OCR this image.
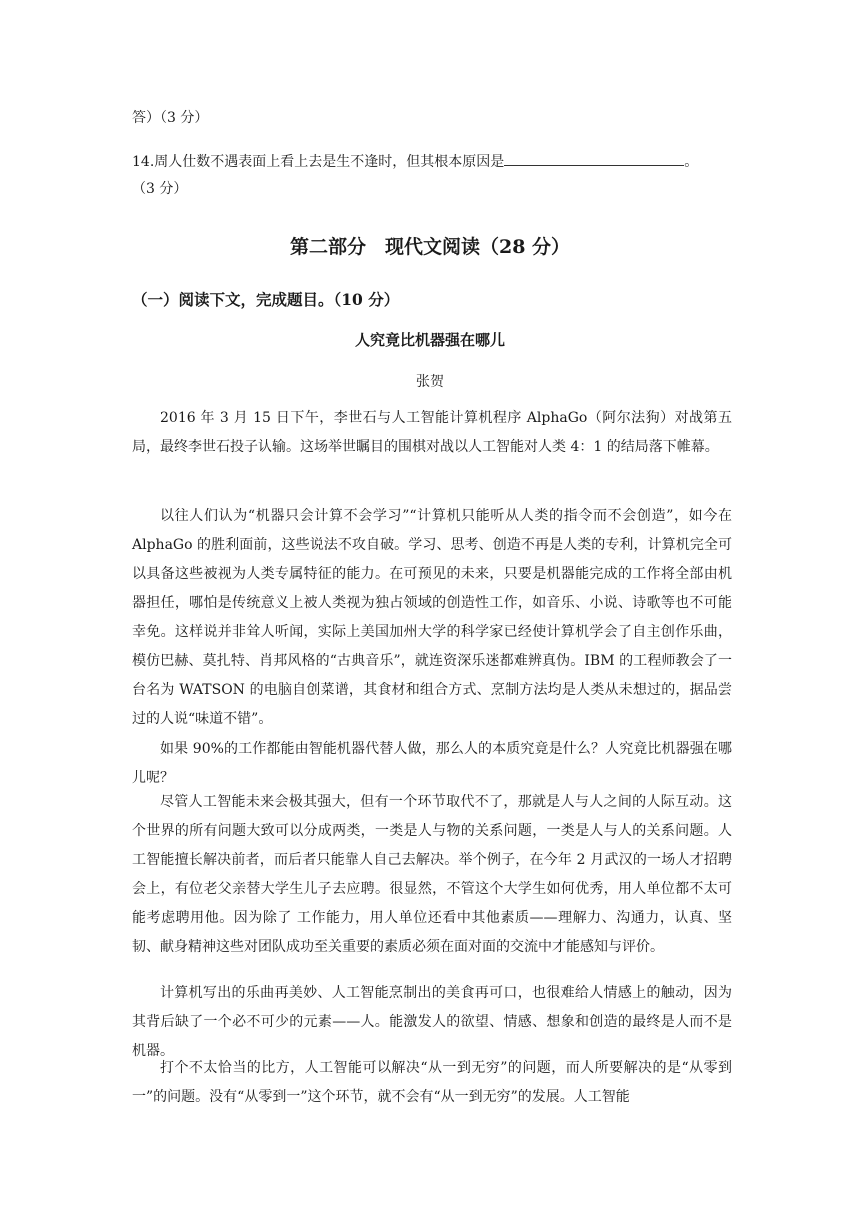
答）（3 分）
14.周人仕数不遇表面上看上去是生不逢时，但其根本原因是	。
（3 分）
第二部分　现代文阅读（28 分）
（一）阅读下文，完成题目。（10 分）
人究竟比机器强在哪儿
张贺

2016 年 3 月 15 日下午，李世石与人工智能计算机程序 AlphaGo（阿尔法狗）对战第五局，最终李世石投子认输。这场举世瞩目的围棋对战以人工智能对人类 4：1 的结局落下帷幕。

以往人们认为“机器只会计算不会学习”“计算机只能听从人类的指令而不会创造”，如今在 AlphaGo 的胜利面前，这些说法不攻自破。学习、思考、创造不再是人类的专利，计算机完全可以具备这些被视为人类专属特征的能力。在可预见的未来，只要是机器能完成的工作将全部由机器担任，哪怕是传统意义上被人类视为独占领域的创造性工作，如音乐、小说、诗歌等也不可能幸免。这样说并非耸人听闻，实际上美国加州大学的科学家已经使计算机学会了自主创作乐曲，模仿巴赫、莫扎特、肖邦风格的“古典音乐”，就连资深乐迷都难辨真伪。IBM 的工程师教会了一台名为 WATSON 的电脑自创菜谱，其食材和组合方式、烹制方法均是人类从未想过的，据品尝过的人说“味道不错”。

如果 90%的工作都能由智能机器代替人做，那么人的本质究竟是什么？人究竟比机器强在哪儿呢？

尽管人工智能未来会极其强大，但有一个环节取代不了，那就是人与人之间的人际互动。这个世界的所有问题大致可以分成两类，一类是人与物的关系问题，一类是人与人的关系问题。人工智能擅长解决前者，而后者只能靠人自己去解决。举个例子，在今年 2 月武汉的一场人才招聘会上，有位老父亲替大学生儿子去应聘。很显然，不管这个大学生如何优秀，用人单位都不太可能考虑聘用他。因为除了 工作能力，用人单位还看中其他素质——理解力、沟通力，认真、坚韧、献身精神这些对团队成功至关重要的素质必须在面对面的交流中才能感知与评价。

计算机写出的乐曲再美妙、人工智能烹制出的美食再可口，也很难给人情感上的触动，因为其背后缺了一个必不可少的元素——人。能激发人的欲望、情感、想象和创造的最终是人而不是机器。

打个不太恰当的比方，人工智能可以解决“从一到无穷”的问题，而人所要解决的是“从零到一”的问题。没有“从零到一”这个环节，就不会有“从一到无穷”的发展。人工智能
